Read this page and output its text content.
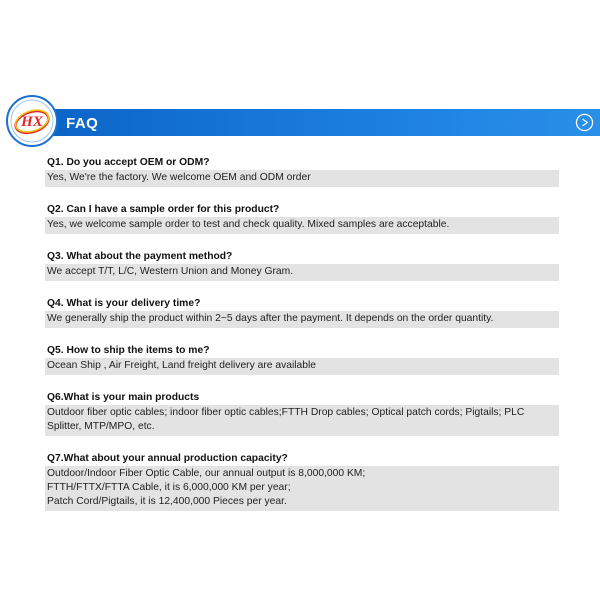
HX FAQ
Q1. Do you accept OEM or ODM?
Yes, We're the factory. We welcome OEM and ODM order
Q2. Can I have a sample order for this product?
Yes, we welcome sample order to test and check quality. Mixed samples are acceptable.
Q3. What about the payment method?
We accept T/T, L/C, Western Union and Money Gram.
Q4. What is your delivery time?
We generally ship the product within 2~5 days after the payment. It depends on the order quantity.
Q5. How to ship the items to me?
Ocean Ship , Air Freight, Land freight delivery are available
Q6.What is your main products
Outdoor fiber optic cables; indoor fiber optic cables;FTTH Drop cables; Optical patch cords; Pigtails; PLC
Splitter, MTP/MPO, etc.
Q7.What about your annual production capacity?
Outdoor/Indoor Fiber Optic Cable, our annual output is 8,000,000 KM;
FTTH/FTTX/FTTA Cable, it is 6,000,000 KM per year;
Patch Cord/Pigtails, it is 12,400,000 Pieces per year.
